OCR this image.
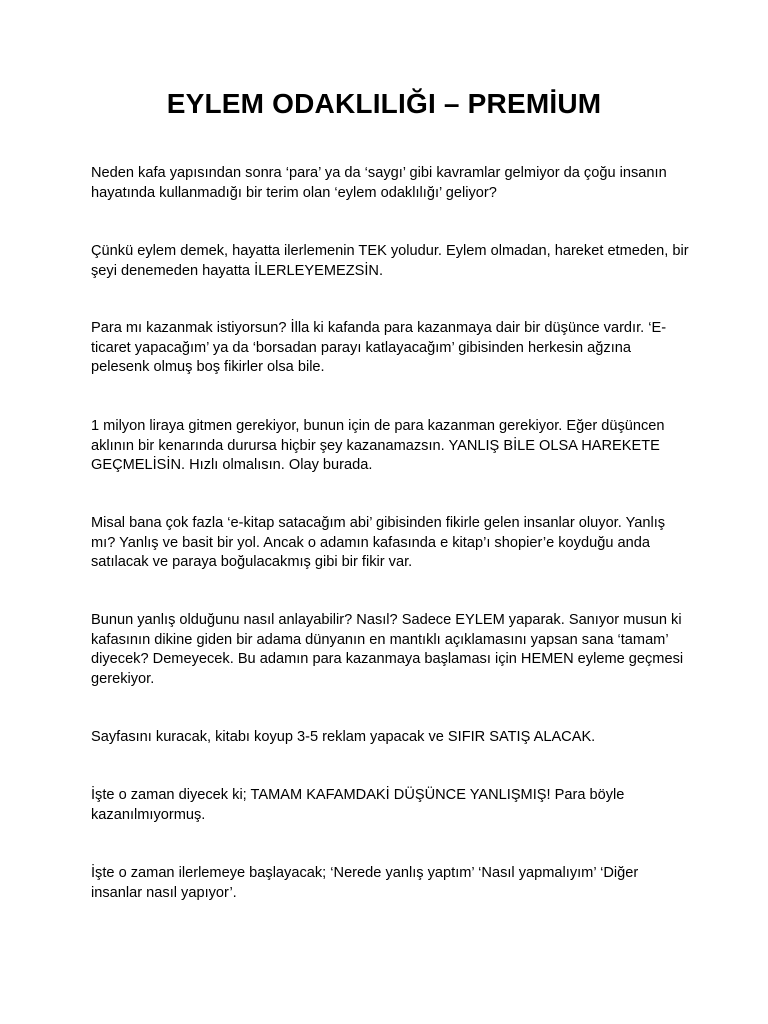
EYLEM ODAKLILIĞI – PREMİUM

Neden kafa yapısından sonra ‘para’ ya da ‘saygı’ gibi kavramlar gelmiyor da çoğu insanın hayatında kullanmadığı bir terim olan ‘eylem odaklılığı’ geliyor?

Çünkü eylem demek, hayatta ilerlemenin TEK yoludur. Eylem olmadan, hareket etmeden, bir şeyi denemeden hayatta İLERLEYEMEZSİN.

Para mı kazanmak istiyorsun? İlla ki kafanda para kazanmaya dair bir düşünce vardır. ‘E- ticaret yapacağım’ ya da ‘borsadan parayı katlayacağım’ gibisinden herkesin ağzına pelesenk olmuş boş fikirler olsa bile.

1 milyon liraya gitmen gerekiyor, bunun için de para kazanman gerekiyor. Eğer düşüncen aklının bir kenarında durursa hiçbir şey kazanamazsın. YANLIŞ BİLE OLSA HAREKETE GEÇMELİSİN. Hızlı olmalısın. Olay burada.

Misal bana çok fazla ‘e-kitap satacağım abi’ gibisinden fikirle gelen insanlar oluyor. Yanlış mı? Yanlış ve basit bir yol. Ancak o adamın kafasında e kitap’ı shopier’e koyduğu anda satılacak ve paraya boğulacakmış gibi bir fikir var.

Bunun yanlış olduğunu nasıl anlayabilir? Nasıl? Sadece EYLEM yaparak. Sanıyor musun ki kafasının dikine giden bir adama dünyanın en mantıklı açıklamasını yapsan sana ‘tamam’ diyecek? Demeyecek. Bu adamın para kazanmaya başlaması için HEMEN eyleme geçmesi gerekiyor.

Sayfasını kuracak, kitabı koyup 3-5 reklam yapacak ve SIFIR SATIŞ ALACAK.

İşte o zaman diyecek ki; TAMAM KAFAMDAKİ DÜŞÜNCE YANLIŞMIŞ! Para böyle kazanılmıyormuş.

İşte o zaman ilerlemeye başlayacak; ‘Nerede yanlış yaptım’ ‘Nasıl yapmalıyım’ ‘Diğer insanlar nasıl yapıyor’.
